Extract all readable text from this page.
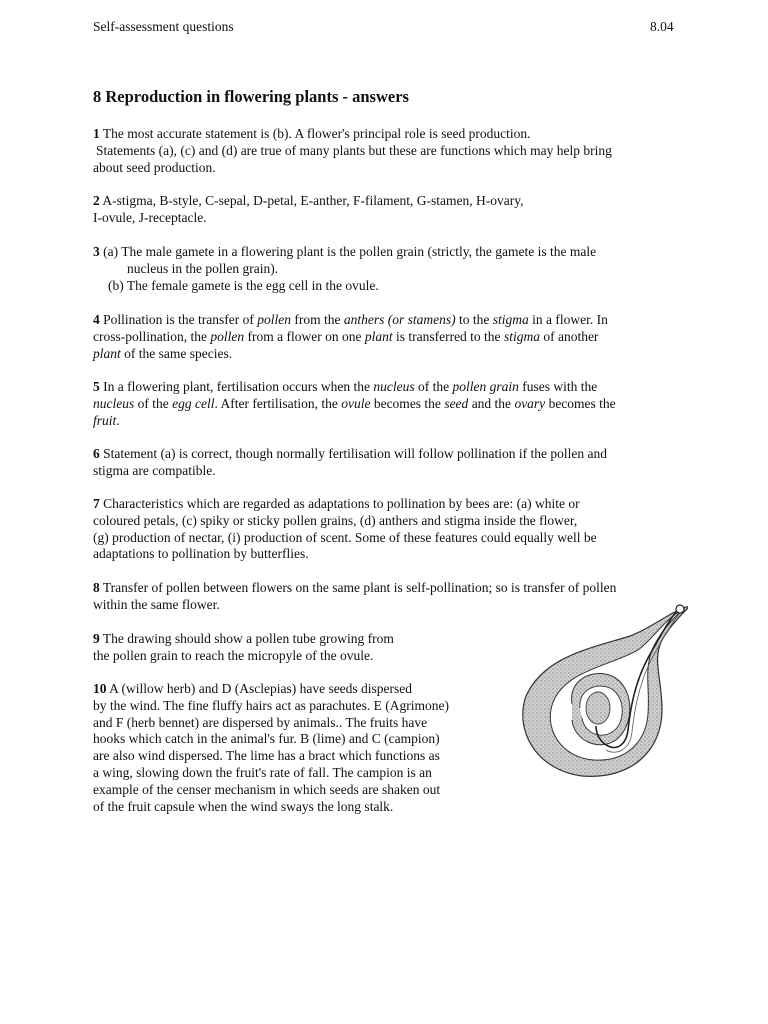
Self-assessment questions	8.04
8 Reproduction in flowering plants - answers
1 The most accurate statement is (b). A flower's principal role is seed production.
Statements (a), (c) and (d) are true of many plants but these are functions which may help bring
about seed production.
2 A-stigma, B-style, C-sepal, D-petal, E-anther, F-filament, G-stamen, H-ovary,
I-ovule, J-receptacle.
3 (a) The male gamete in a flowering plant is the pollen grain (strictly, the gamete is the male
nucleus in the pollen grain).
(b) The female gamete is the egg cell in the ovule.
4 Pollination is the transfer of pollen from the anthers (or stamens) to the stigma in a flower. In
cross-pollination, the pollen from a flower on one plant is transferred to the stigma of another
plant of the same species.
5 In a flowering plant, fertilisation occurs when the nucleus of the pollen grain fuses with the
nucleus of the egg cell. After fertilisation, the ovule becomes the seed and the ovary becomes the
fruit.
6 Statement (a) is correct, though normally fertilisation will follow pollination if the pollen and
stigma are compatible.
7 Characteristics which are regarded as adaptations to pollination by bees are: (a) white or
coloured petals, (c) spiky or sticky pollen grains, (d) anthers and stigma inside the flower,
(g) production of nectar, (i) production of scent. Some of these features could equally well be
adaptations to pollination by butterflies.
8 Transfer of pollen between flowers on the same plant is self-pollination; so is transfer of pollen
within the same flower.
9 The drawing should show a pollen tube growing from
the pollen grain to reach the micropyle of the ovule.
10 A (willow herb) and D (Asclepias) have seeds dispersed
by the wind. The fine fluffy hairs act as parachutes. E (Agrimone)
and F (herb bennet) are dispersed by animals.. The fruits have
hooks which catch in the animal's fur. B (lime) and C (campion)
are also wind dispersed. The lime has a bract which functions as
a wing, slowing down the fruit's rate of fall. The campion is an
example of the censer mechanism in which seeds are shaken out
of the fruit capsule when the wind sways the long stalk.
